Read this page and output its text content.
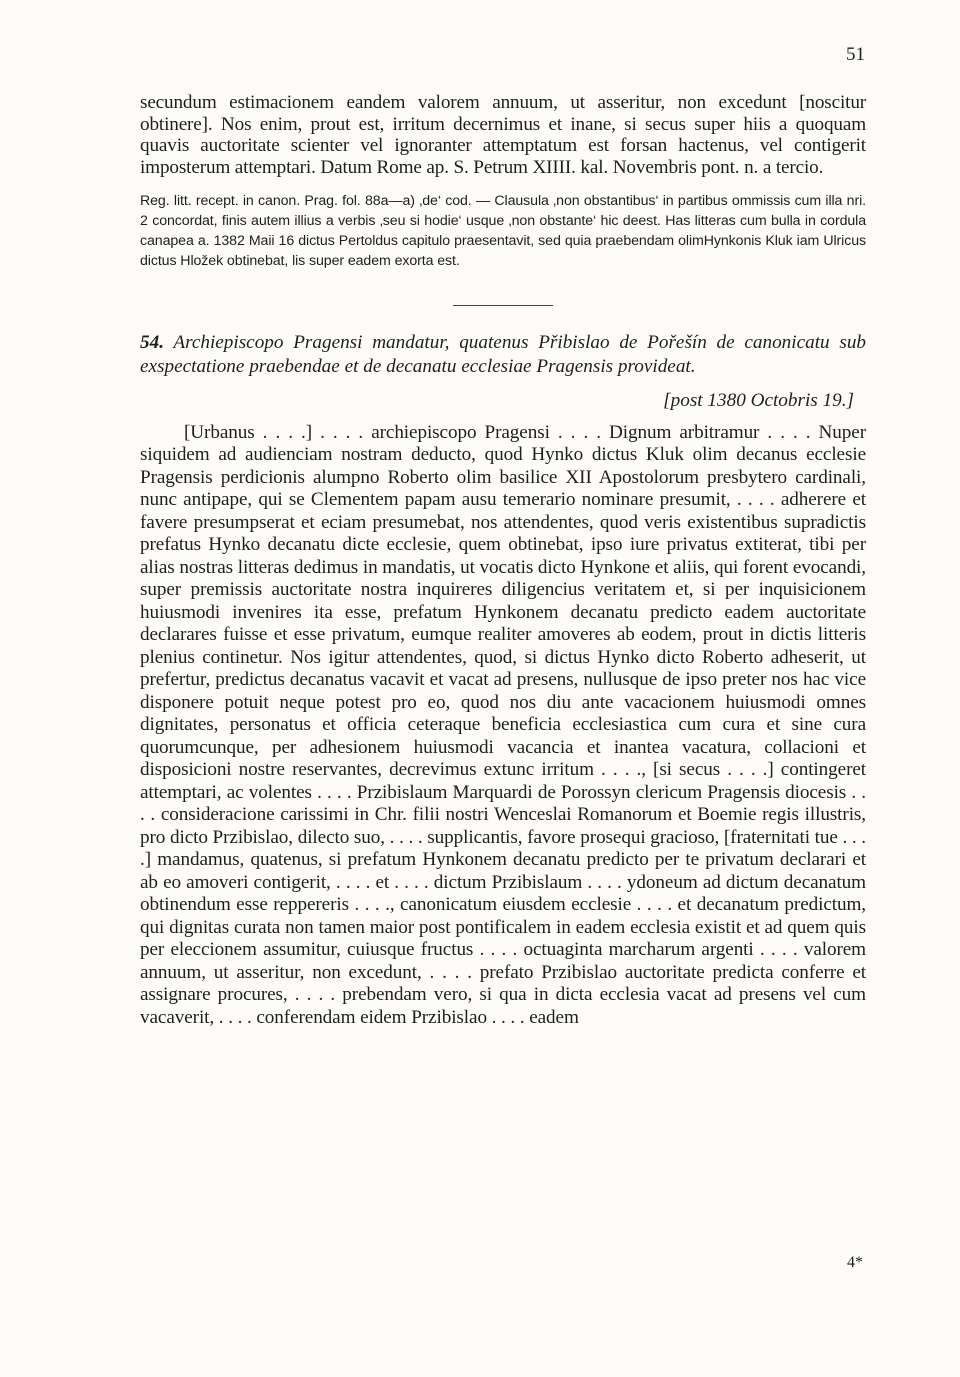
51

secundum estimacionem eandem valorem annuum, ut asseritur, non excedunt [noscitur obtinere]. Nos enim, prout est, irritum decernimus et inane, si secus super hiis a quoquam quavis auctoritate scienter vel ignoranter attemptatum est forsan hactenus, vel contigerit imposterum attemptari. Datum Rome ap. S. Petrum XIIII. kal. Novembris pont. n. a tercio.

Reg. litt. recept. in canon. Prag. fol. 88a—a) ‚de‘ cod. — Clausula ‚non obstantibus‘ in partibus ommissis cum illa nri. 2 concordat, finis autem illius a verbis ‚seu si hodie‘ usque ‚non obstante‘ hic deest. Has litteras cum bulla in cordula canapea a. 1382 Maii 16 dictus Pertoldus capitulo praesentavit, sed quia praebendam olimHynkonis Kluk iam Ulricus dictus Hložek obtinebat, lis super eadem exorta est.

54. Archiepiscopo Pragensi mandatur, quatenus Přibislao de Pořešín de canonicatu sub exspectatione praebendae et de decanatu ecclesiae Pragensis provideat.

[post 1380 Octobris 19.]

[Urbanus . . . .] . . . . archiepiscopo Pragensi . . . . Dignum arbitramur . . . . Nuper siquidem ad audienciam nostram deducto, quod Hynko dictus Kluk olim decanus ecclesie Pragensis perdicionis alumpno Roberto olim basilice XII Apostolorum presbytero cardinali, nunc antipape, qui se Clementem papam ausu temerario nominare presumit, . . . . adherere et favere presumpserat et eciam presumebat, nos attendentes, quod veris existentibus supradictis prefatus Hynko decanatu dicte ecclesie, quem obtinebat, ipso iure privatus extiterat, tibi per alias nostras litteras dedimus in mandatis, ut vocatis dicto Hynkone et aliis, qui forent evocandi, super premissis auctoritate nostra inquireres diligencius veritatem et, si per inquisicionem huiusmodi invenires ita esse, prefatum Hynkonem decanatu predicto eadem auctoritate declarares fuisse et esse privatum, eumque realiter amoveres ab eodem, prout in dictis litteris plenius continetur. Nos igitur attendentes, quod, si dictus Hynko dicto Roberto adheserit, ut prefertur, predictus decanatus vacavit et vacat ad presens, nullusque de ipso preter nos hac vice disponere potuit neque potest pro eo, quod nos diu ante vacacionem huiusmodi omnes dignitates, personatus et officia ceteraque beneficia ecclesiastica cum cura et sine cura quorumcunque, per adhesionem huiusmodi vacancia et inantea vacatura, collacioni et disposicioni nostre reservantes, decrevimus extunc irritum . . . ., [si secus . . . .] contingeret attemptari, ac volentes . . . . Przibislaum Marquardi de Porossyn clericum Pragensis diocesis . . . . consideracione carissimi in Chr. filii nostri Wenceslai Romanorum et Boemie regis illustris, pro dicto Przibislao, dilecto suo, . . . . supplicantis, favore prosequi gracioso, [fraternitati tue . . . .] mandamus, quatenus, si prefatum Hynkonem decanatu predicto per te privatum declarari et ab eo amoveri contigerit, . . . . et . . . . dictum Przibislaum . . . . ydoneum ad dictum decanatum obtinendum esse reppereris . . . ., canonicatum eiusdem ecclesie . . . . et decanatum predictum, qui dignitas curata non tamen maior post pontificalem in eadem ecclesia existit et ad quem quis per eleccionem assumitur, cuiusque fructus . . . . octuaginta marcharum argenti . . . . valorem annuum, ut asseritur, non excedunt, . . . . prefato Przibislao auctoritate predicta conferre et assignare procures, . . . . prebendam vero, si qua in dicta ecclesia vacat ad presens vel cum vacaverit, . . . . conferendam eidem Przibislao . . . . eadem

4*
